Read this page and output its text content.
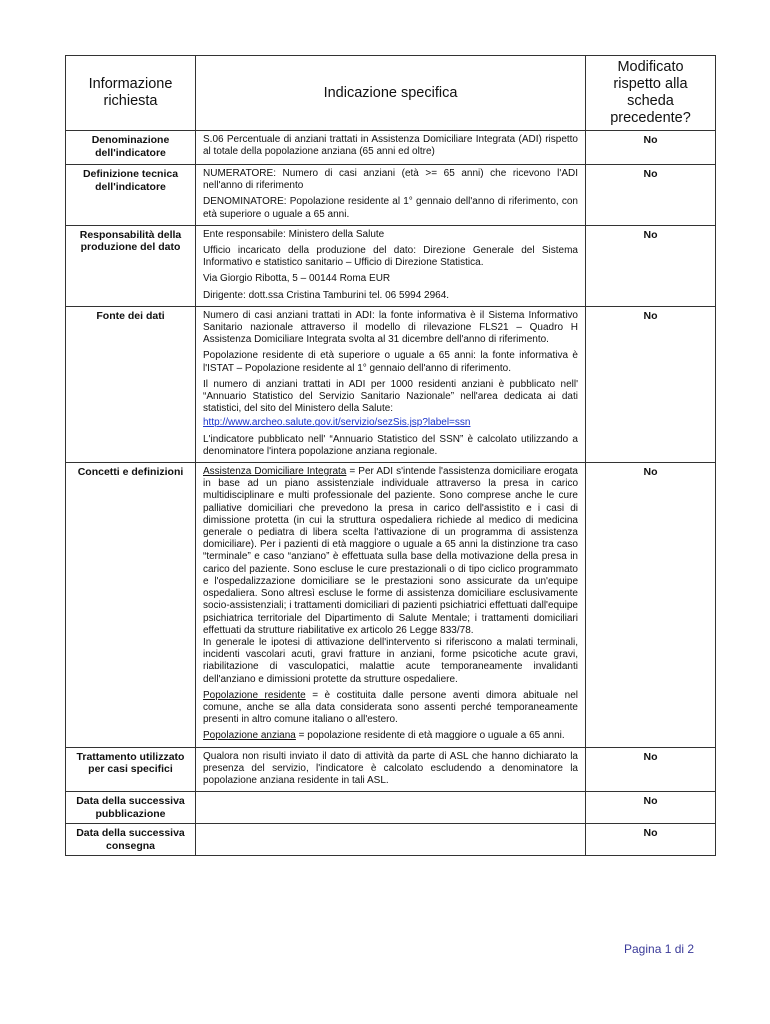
Informazione richiesta	Indicazione specifica	Modificato rispetto alla scheda precedente?
Denominazione dell'indicatore	S.06 Percentuale di anziani trattati in Assistenza Domiciliare Integrata (ADI) rispetto al totale della popolazione anziana (65 anni ed oltre)	No
Definizione tecnica dell'indicatore	NUMERATORE: Numero di casi anziani (età >= 65 anni) che ricevono l'ADI nell'anno di riferimento

DENOMINATORE: Popolazione residente al 1° gennaio dell'anno di riferimento, con età superiore o uguale a 65 anni.	No
Responsabilità della produzione del dato	Ente responsabile: Ministero della Salute

Ufficio incaricato della produzione del dato: Direzione Generale del Sistema Informativo e statistico sanitario – Ufficio di Direzione Statistica.

Via Giorgio Ribotta, 5 – 00144 Roma EUR

Dirigente: dott.ssa Cristina Tamburini tel. 06 5994 2964.	No
Fonte dei dati	Numero di casi anziani trattati in ADI: la fonte informativa è il Sistema Informativo Sanitario nazionale attraverso il modello di rilevazione FLS21 – Quadro H Assistenza Domiciliare Integrata svolta al 31 dicembre dell'anno di riferimento.

Popolazione residente di età superiore o uguale a 65 anni: la fonte informativa è l'ISTAT – Popolazione residente al 1° gennaio dell'anno di riferimento.

Il numero di anziani trattati in ADI per 1000 residenti anziani è pubblicato nell' “Annuario Statistico del Servizio Sanitario Nazionale” nell'area dedicata ai dati statistici, del sito del Ministero della Salute:

http://www.archeo.salute.gov.it/servizio/sezSis.jsp?label=ssn

L'indicatore pubblicato nell' “Annuario Statistico del SSN” è calcolato utilizzando a denominatore l'intera popolazione anziana regionale.	No
Concetti e definizioni	Assistenza Domiciliare Integrata = Per ADI s'intende l'assistenza domiciliare erogata in base ad un piano assistenziale individuale attraverso la presa in carico multidisciplinare e multi professionale del paziente. Sono comprese anche le cure palliative domiciliari che prevedono la presa in carico dell'assistito e i casi di dimissione protetta (in cui la struttura ospedaliera richiede al medico di medicina generale o pediatra di libera scelta l'attivazione di un programma di assistenza domiciliare). Per i pazienti di età maggiore o uguale a 65 anni la distinzione tra caso “terminale” e caso “anziano” è effettuata sulla base della motivazione della presa in carico del paziente. Sono escluse le cure prestazionali o di tipo ciclico programmato e l'ospedalizzazione domiciliare se le prestazioni sono assicurate da un'equipe ospedaliera. Sono altresì escluse le forme di assistenza domiciliare esclusivamente socio-assistenziali; i trattamenti domiciliari di pazienti psichiatrici effettuati dall'equipe psichiatrica territoriale del Dipartimento di Salute Mentale; i trattamenti domiciliari effettuati da strutture riabilitative ex articolo 26 Legge 833/78.

In generale le ipotesi di attivazione dell'intervento si riferiscono a malati terminali, incidenti vascolari acuti, gravi fratture in anziani, forme psicotiche acute gravi, riabilitazione di vasculopatici, malattie acute temporaneamente invalidanti dell'anziano e dimissioni protette da strutture ospedaliere.

Popolazione residente = è costituita dalle persone aventi dimora abituale nel comune, anche se alla data considerata sono assenti perché temporaneamente presenti in altro comune italiano o all'estero.

Popolazione anziana = popolazione residente di età maggiore o uguale a 65 anni.	No
Trattamento utilizzato per casi specifici	Qualora non risulti inviato il dato di attività da parte di ASL che hanno dichiarato la presenza del servizio, l'indicatore è calcolato escludendo a denominatore la popolazione anziana residente in tali ASL.	No
Data della successiva pubblicazione		No
Data della successiva consegna		No
Pagina 1 di 2
